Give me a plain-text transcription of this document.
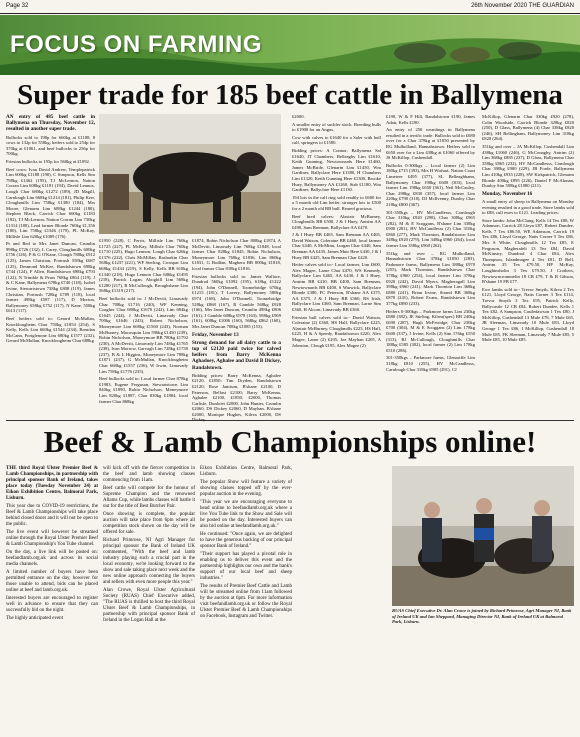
Page 32	26th November 2020 THE GUARDIAN
FOCUS ON FARMING
Super trade for 185 beef cattle in Ballymena

AN entry of 485 beef cattle in Ballymena on Thursday, November 12, resulted in another super trade.

Bullocks sold to 198p for 660kg at £1188, 8 cows to 132p for 558kg, heifers sold to 254p for 370kg at £1061, and beef bullocks to 256p for 700kg.

Friesian bullocks to 195p for 560kg at £1092.

Beef cows: Ivan David Andrew, Templepatrick Lim 600kg £1188 (198), C Simpson, Kells Sim 798kg £1462 (195), TJ McLernon, Natton Corran Lim 608kg £1181 (194), David Lennox, Lough Char 680kg £1272 (189), JD Magill, Carnlough Lim 668kg £1214 (181), Philip Kerr, Cloughmills Lim 758kg £1380 (184), Mrs Moore, Glenarm Lim 688kg £1244 (180), Stephen Black, Carrick Char 660kg £1183 (182), TJ McLernon, Natton Corran Lim 730kg £1314 (180), Lead farmer Blonde 760kg £1,356 (180), Lim 758kg £1346 (179), PL McKay, Millisle Lim 620kg £1089 (176).

Pr and Red to Mrs Janet Duncan, Crumlin 998kg £726 (132), L Carey, Cloughmills 600kg £756 (126), P & G O'Kane, Clough 788kg £912 (125), James Christian, Portrush 558kg £687 (125), Desmond McKee, Randalstown 698kg £744 (124), F Allen, Randalstown 698kg £793 (122), N Trimble & Pears 768kg £864 (119), J & C Kane, Ballymena 678kg £740 (118), Isobel Irvine, Stewartstown 738kg £808 (119), James Christian, Portrush 728kg £789 (118), local farmer 498kg £587 (117), D Morton, Ballymoney 658kg £752 (117), N Kane, 558kg £613 (117).

Beef heifers sold to: Gerard McMullan, Knocklougheim Char 750kg £1854 (254), S Kelly, Kells Lim 660kg £1544 (234), Brendan McCann, Portglenone Lim 680kg £1577 (232), Gerard McMullan, Knocklougheim Char 688kg

£1950 (228), C Ferris, Millisle Lim 760kg £1725 (227), PL McKay, Millisle Char 760kg £1710 (225), Hugo Lennon, Lough Char 626kg £1376 (222), Chris McMillan, Rasharkin Char 568kg £1237 (221), WF Sterling, Crosspar Lim 668kg £1434 (219), S Kelly, Kells BB 618kg £1340 (218), Hugo Lennon Char 686kg £1495 (218), Patrick Logan, Aboghill Lim 568kg £1280 (217), R McCullough, Broughshane Lim 568kg £1319 (217).

Beef bullocks sold to: J McDevitt, Limavady Char 708kg £1716 (240), WF Kenning, Coagher Char 680kg £1670 (242), Lim 684kg £1645 (244), J McDevitt, Limavady Char 700kg £1646 (243), Robert Nicholson, Moneymore Lim 668kg £1560 (243), Norman McBurney, Macosquin Lim 596kg £1450 (239), Robin Nicholson, Moneymore BB 780kg £1792 (230), A McDevitt, Limavady Lim 748kg £1765 (238), Ivan Morrow, Garvagh Lim 728kg £1730 (237), B & L Higgins, Moneymore Lim 788kg £1871 (237), G McMullan, Knocklougheim Char 668kg £1557 (236), W Irwin, Limavady Lim 758kg £1776 (235).

Beef bullocks sold to: Local farmer Char 878kg £1983, Eugene Ferguson, Stewartstown Lim 840kg £1890, Robin Nicholson, Moneymore Lim 820kg £1887, Char 830kg £1884, local farmer Char 868kg

£1874, Robin Nicholson Char 808kg £1874, A McDevitt, Limavady Lim 768kg £1848, local farmer Char 828kg £1845, Robin Nicholson, Moneymore Lim 768kg £1836, Lim 860kg £1831, G Bodkin, Maghera BB 800kg £1818, local farmer Char 818kg £1816.

Friesian bullocks sold to: James Wallace, Dundrod 560kg £1092 (195), 618kg £1222 (194), John O'Donnell, Toomebridge 670kg £1215 (181), T Lavery, Ballymoney 580kg £974 (168), John O'Donnell, Toomebridge 528kg £868 (167), R Gamble 568kg £928 (166), Mrs Janet Duncan, Crumlin 498kg £806 (161), J Gamble 608kg £978 (163), 588kg £969 (161), 608kg £1006 (160), 568kg £862 (160), Mrs Janet Duncan 708kg £1085 (153).

Friday, November 13

Strong demand for all dairy cattle to a top of £2120 paid twice for calved heifers from Barry McKenna Aghadoey, Aghalee and David B Dickey, Randalstown.

Bidding prices: Barry McKenna, Aghalee £2120, £1850; Tim Dryden, Randalstown £2120; Rose Jamison, B'shane £2100, D Paterson, Belfast £2100; Barry McKenna, Aghalee £2100, £1850, £2000, Thomas Carlisle, Dunloiet £2000, John Hunter, Crumlin £2060, DS Dickey £2060, D Mayhan, B'shane £2000, Monique Hughes, Kilrea £2000, DS

£2000.

A smaller entry of suckler stock. Breeding bulls to £1900 for an Angus.

Cow with calves to £1640 for a Saler with bull calf, springers to £1580.

Bidding prices: A Connor, Ballymena Sal £1640, JT Chambers, Belleaghy Lim £1610, Keith Gunning, Newtownards Here £1460, James McBride, Glenarm Lim £1450, Wm Gardiner, Ballyclare Here £1380, H Chambers Lim £1320, Keith Gunning Here £1300, Brooke Huey, Ballymoney AA £1260, Stab £1180, Wm Gardiner, Ballyclare Here £1130.

194 lots in the calf ring sold readily to £600 for a 5 month old Lim heifer, stronger lots to £500 for a 2 month old BB bull. Reared gracious.

Beef bred calves: Alastair McBurney, Cloughmills BB £500, J & I Huey, Antrim AA £490, Sam Brennan, Ballyclare AA £470.

J & I Huey BB £465, Sam Brennan AA £465, David Watson, Coleraine BB £460, local farmer Char £440, A McMinn, Lurgan Char £440, Sam Brennan AA £435, James Muir Here £430, J & I Huey BB £425, Sam Brennan Char £420.

Heifer calves sold to:- Local farmer, Lim £600, Alex Magee, Larne Char £470, WS Kennedy, Ballyclare Lim £465, AA £430, J & I Huey, Antrim BB £410, BB £400, Sam Brennan, Newtownards BB £400, S Warwick, Ballyclare Blonde £380, FC Peterson, B'shane AA £375, AA £375, J & I Huey BB £360, RS Irish, Ballyclare Lim £360, Sam Brennan, Larne Sim £360, H Alcorn, Limavady BB £360.

Friesian bull calves sold to:- David Watson, Coleraine (2) £360, HS Hall, Ballyclare £225, Alastair McBurney, Cloughmills £225, HS Hall, £225, H & A Speedy, Randalstown £220, Alex Magee, Larne (2) £205, Joe Mayhan £205, A Johnston, Clough £195, Alex Magee (2)

£190, W & F Hill, Randalstown £190, James Adair, Kells £190.

An entry of 250 weanlings in Ballymena resulted in a terrific trade. Bullocks sold to £680 over for a Char 378kg at £1050 presented by RG Mulholland, Hannahstown. Heifers sold to £650 over for a Lim 438kg at £1060 offered by JS McKillop, Cushendall.

Bullocks 0-300kgs – Local farmer (2) Lim 180kg £715 (393), Mrs H Wishart, Natton Coast Limetree £495 (377), SL Belleaghbann, Ballymoney Char 198kg £600 (303), local farmer Lim 198kg £650 (361), Neil McCauley, Char 298kg £830 (357), local farmer Lim 220kg £790 (318), DJ McIlvenny, Dunloy Char 218kg £800 (367).

301-350kgs – HV McCandlesss, Carnlough Char 310kg £920 (298), Char 308kg £965 (282), M & E Scoggans, B'shane Lim 338kg £900 (281), HV McCandlesss (2) Char 310kg £860 (277), Mark Thornton, Randalstown Lim 348kg £920 (279), Lim 348kg £960 (264), local farmer Lim 358kg £960 (262).

351kg and over – RG Mulholland, Hannahstown Char 378kg £1050 (283), Parkmore farms, Ballymena Lim 388kg £970 (255), Mark Thornton, Randalstown Char 378kg £960 (254), local farmer Lim 378kg £920 (242), David Myers, Magheragall Lim 398kg £960 (241), Mark Thornton Lim 368kg £880 (241), Brian Irvine, Strand BB 368kg £870 (241), Robert Evans, Randalstown Lim 377kg £880 (233).

Heifers 0-300kgs – Parkmore farms Lim 230kg £880 (382), JE Stirling, Kilrea(spec) BB 240kg £690 (287), Hugh McFetridge, Char 230kg £700 (304), M & E Scoggans (2) Lim 178kg £600 (337), J Irvine, Kells (2) Sim 176kg £550 (313), RJ McCullough, Cloughmills Char 188kg £585 (302), local farmer (2) Lim 178kg £510 (286).

301-350kgs – Parkmore farms, Glenariffe Lim 318kg £810 (255), HV McCandlesss, Carnlough Char 318kg £905 (291), CJ

McKillop, Glenarm Char 330kg £920 (278), Colin Woodside, Carrick Blonde 328kg £820 (250), D Glass, Ballymena (4) Char 338kg £820 (246), SH Bellingham, Ballymoney Lim 318kg £820 (264).

351kg and over – JA McKillop, Cushendall Lim 438kg £1060 (246), G McConaghy, Antrim (2) Lim 368kg £885 (237), D Glass, Ballymena Char 358kg £865 (232), HV McCandlesss, Carnlough Char 390kg £900 (229), JB Forde, Ballymena Lim 410kg £935 (228), SW Kirkpatrick, Glenarm Blonde 400kg £895 (226), Daniel F McAlonan, Dunloy Sim 508kg £1080 (211).

Monday, November 16

A small entry of sheep in Ballymena on Monday evening resulted in a good trade. Store lambs sold to £88, cull ewes to £121. Leading prices:

Store lambs: John McClung, Kells 14 Tex £88, W Adamson, Carrick 28 Lleyn £87, Robert Dundee, Kells 7 Tex £86.50, WE Adamson, Carrick 19 Tex £86, Lloyd George, Natts Corner 5 Tex £86, Mrs S White, Cloughmills 12 Tex £85, E Ferguson, Magherafelt 13 Tex £84, David McKinstry, Dundrod 4 Char £84, Alex Thompson, Islandmagee 4 Tex £81, D Bell, Antrim 35 Tex £79.50, HP McKay, Loughinsholin 3 Tex £79.50, J Crothers, Newtowncrommelin 18 CB £79, T & B Gibson, B'shane 19 FB £77.

Ewe lambs sold to:- Trevor Smyth, Kilrea 2 Tex £121, Lloyd George, Natts Corner 3 Tex £114, Trevor Smyth 3 Tex £95, Patrick Kelly, Ballycastle 12 CB £84, Robert Dundee, Kells 1 Tex £82, A Sampson, Castledawson 1 Tex £80, J McKillop, Cushendall 13 Mule £78, 7 Mule £65, JR Sleeman, Limavady 10 Mule £83, Lloyd George 1 Tex £86, I McKillop, Cushendall 18 Mule £85, FK Sleeman, Limavady 7 Mule £85, 5 Mule £85, 10 Mule £85.

Beef & Lamb Championships online!

THE third Royal Ulster Premier Beef & Lamb Championships, in partnership with principal sponsor Bank of Ireland, takes place today (Tuesday November 24) at Eikon Exhibition Centre, Balmoral Park, Lisburn.

This year due to COVID-19 restrictions, the Beef & Lamb Championships will take place behind closed doors and it will not be open to the public.

The live event will however be streamed online through the Royal Ulster Premier Beef & Lamb Championship's You Tube channel.

On the day, a live link will be posted on: beefandlamb.org.uk and across its social media channels.

A limited number of buyers have been permitted entrance on the day, however for those unable to attend, bids can be placed online at beef and lamb.org.uk.

Interested buyers are encouraged to register well in advance to ensure that they can successfully bid on the night.

The highly anticipated event

will kick off with the fiercer competition in the beef and lamb showing classes commencing from 11am.

Beef cattle will compete for the honour of Supreme Champion and the renowned Allams Cup, while lambs classes will battle it out for the title of Best Butcher Pair.

Once showing is complete, the popular auction will take place from 6pm where all competition stock shown on the day will be offered for sale.

Richard Primrose, NI Agri Manager for principal sponsor the Bank of Ireland UK commented, "With the beef and lamb industry playing such a crucial part in the local economy, we're looking forward to the show and sale taking place next week and the new online approach connecting the buyers and sellers with even more people this year."

Alan Crowe, Royal Ulster Agricultural Society (RUAS) Chief Executive added, "The RUAS is thrilled to host the third Royal Ulster Beef & Lamb Championships, in partnership with principal sponsor Bank of Ireland in the Logan Hall at the

Eikon Exhibition Centre, Balmoral Park, Lisburn.

The popular Show will feature a variety of showing classes topped off by the ever-popular auction in the evening.

"This year we are encouraging everyone to head online to beefandlamb.org.uk where a live You Tube link to the Show and Sale will be posted on the day. Interested buyers can also bid online at beefandlamb.org.uk."

He continued: "Once again, we are delighted to have the generous backing of our principal sponsor Bank of Ireland."

"Their support has played a pivotal role in enabling us to deliver this event and the partnership highlights our own and the bank's support of our local beef and sheep industries."

The results of Premier Beef Cattle and Lamb will be streamed online from 11am followed by the auction at 6pm. For more information visit beefandlamb.org.uk or follow the Royal Ulster Premier Beef & Lamb Championships on Facebook, Instagram and Twitter.

RUAS Chief Executive Dr. Alan Crowe is joined by Richard Primrose, Agri Manager NI, Bank of Ireland UK and Ian Sheppard, Managing Director NI, Bank of Ireland UK at Balmoral Park, Lisburn.
